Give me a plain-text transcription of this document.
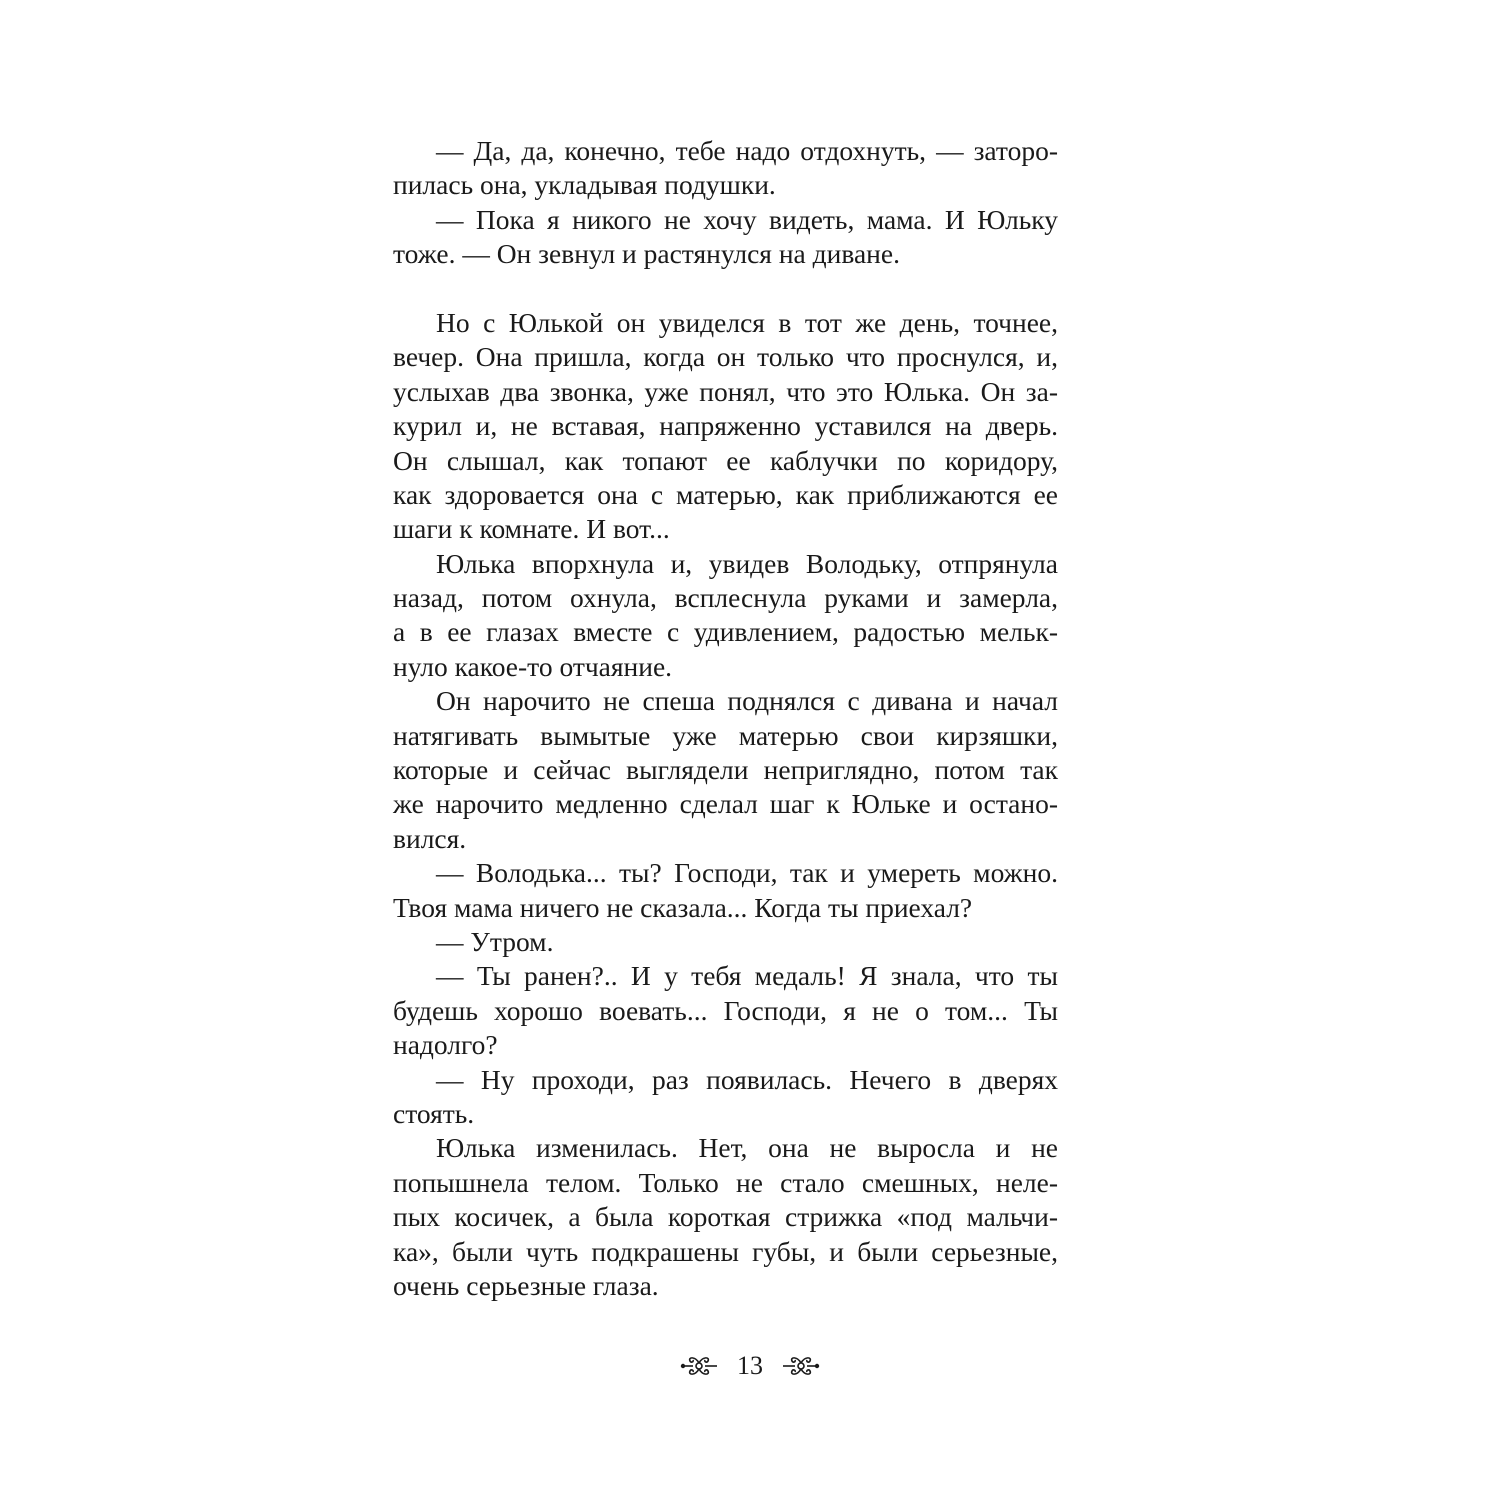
— Да, да, конечно, тебе надо отдохнуть, — заторо-
пилась она, укладывая подушки.
— Пока я никого не хочу видеть, мама. И Юльку
тоже. — Он зевнул и растянулся на диване.
Но с Юлькой он увиделся в тот же день, точнее,
вечер. Она пришла, когда он только что проснулся, и,
услыхав два звонка, уже понял, что это Юлька. Он за-
курил и, не вставая, напряженно уставился на дверь.
Он слышал, как топают ее каблучки по коридору,
как здоровается она с матерью, как приближаются ее
шаги к комнате. И вот...
Юлька впорхнула и, увидев Володьку, отпрянула
назад, потом охнула, всплеснула руками и замерла,
а в ее глазах вместе с удивлением, радостью мельк-
нуло какое-то отчаяние.
Он нарочито не спеша поднялся с дивана и начал
натягивать вымытые уже матерью свои кирзяшки,
которые и сейчас выглядели неприглядно, потом так
же нарочито медленно сделал шаг к Юльке и остано-
вился.
— Володька... ты? Господи, так и умереть можно.
Твоя мама ничего не сказала... Когда ты приехал?
— Утром.
— Ты ранен?.. И у тебя медаль! Я знала, что ты
будешь хорошо воевать... Господи, я не о том... Ты
надолго?
— Ну проходи, раз появилась. Нечего в дверях
стоять.
Юлька изменилась. Нет, она не выросла и не
попышнела телом. Только не стало смешных, неле-
пых косичек, а была короткая стрижка «под мальчи-
ка», были чуть подкрашены губы, и были серьезные,
очень серьезные глаза.
13
